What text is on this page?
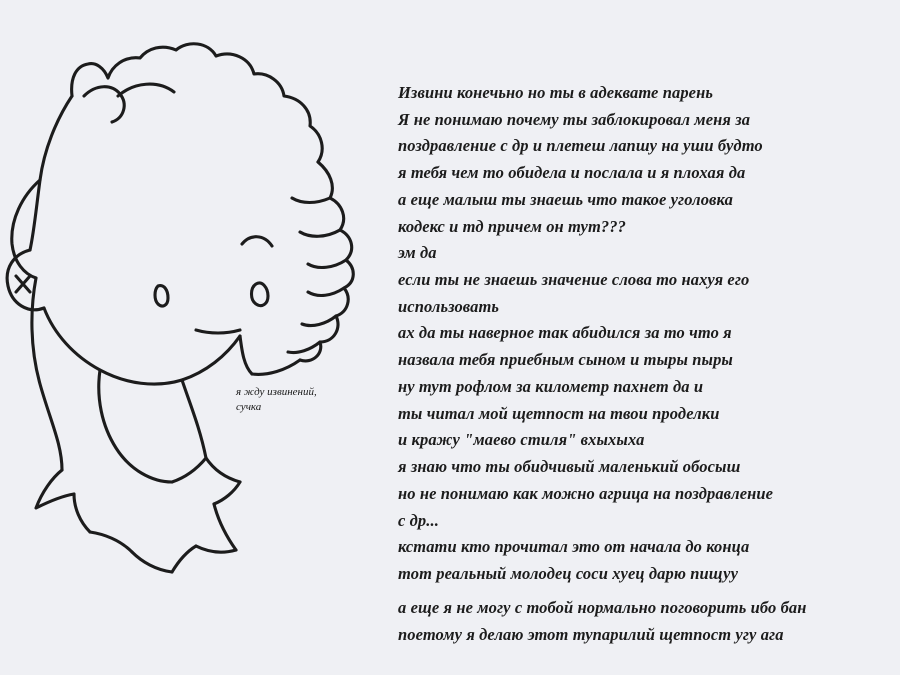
я жду извинений,
сучка
Извини конечьно но ты в адеквате парень
Я не понимаю почему ты заблокировал меня за
поздравление с др и плетеш лапшу на уши будто
я тебя чем то обидела и послала и я плохая да
а еще малыш ты знаешь что такое уголовка
кодекс и тд причем он тут???
эм да
если ты не знаешь значение слова то нахуя его
использовать
ах да ты наверное так абидился за то что я
назвала тебя приебным сыном и тыры пыры
ну тут рофлом за километр пахнет да и
ты читал мой щетпост на твои проделки
и кражу "маево стиля" вхыхыха
я знаю что ты обидчивый маленький обосыш
но не понимаю как можно агрица на поздравление
с др...
кстати кто прочитал это от начала до конца
тот реальный молодец соси хуец дарю пищуу
а еще я не могу с тобой нормально поговорить ибо бан
поетому я делаю этот тупарилий щетпост угу ага
